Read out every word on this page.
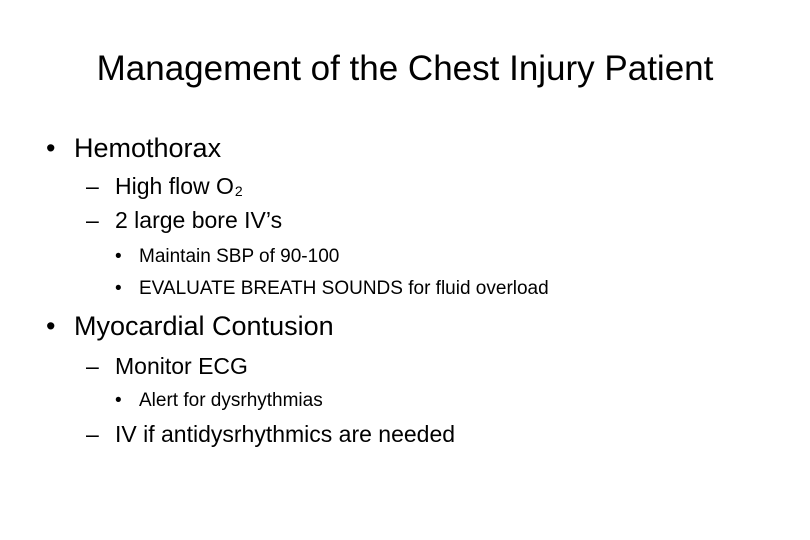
Management of the Chest Injury Patient
• Hemothorax
– High flow O2
– 2 large bore IV’s
• Maintain SBP of 90-100
• EVALUATE BREATH SOUNDS for fluid overload
• Myocardial Contusion
– Monitor ECG
• Alert for dysrhythmias
– IV if antidysrhythmics are needed
